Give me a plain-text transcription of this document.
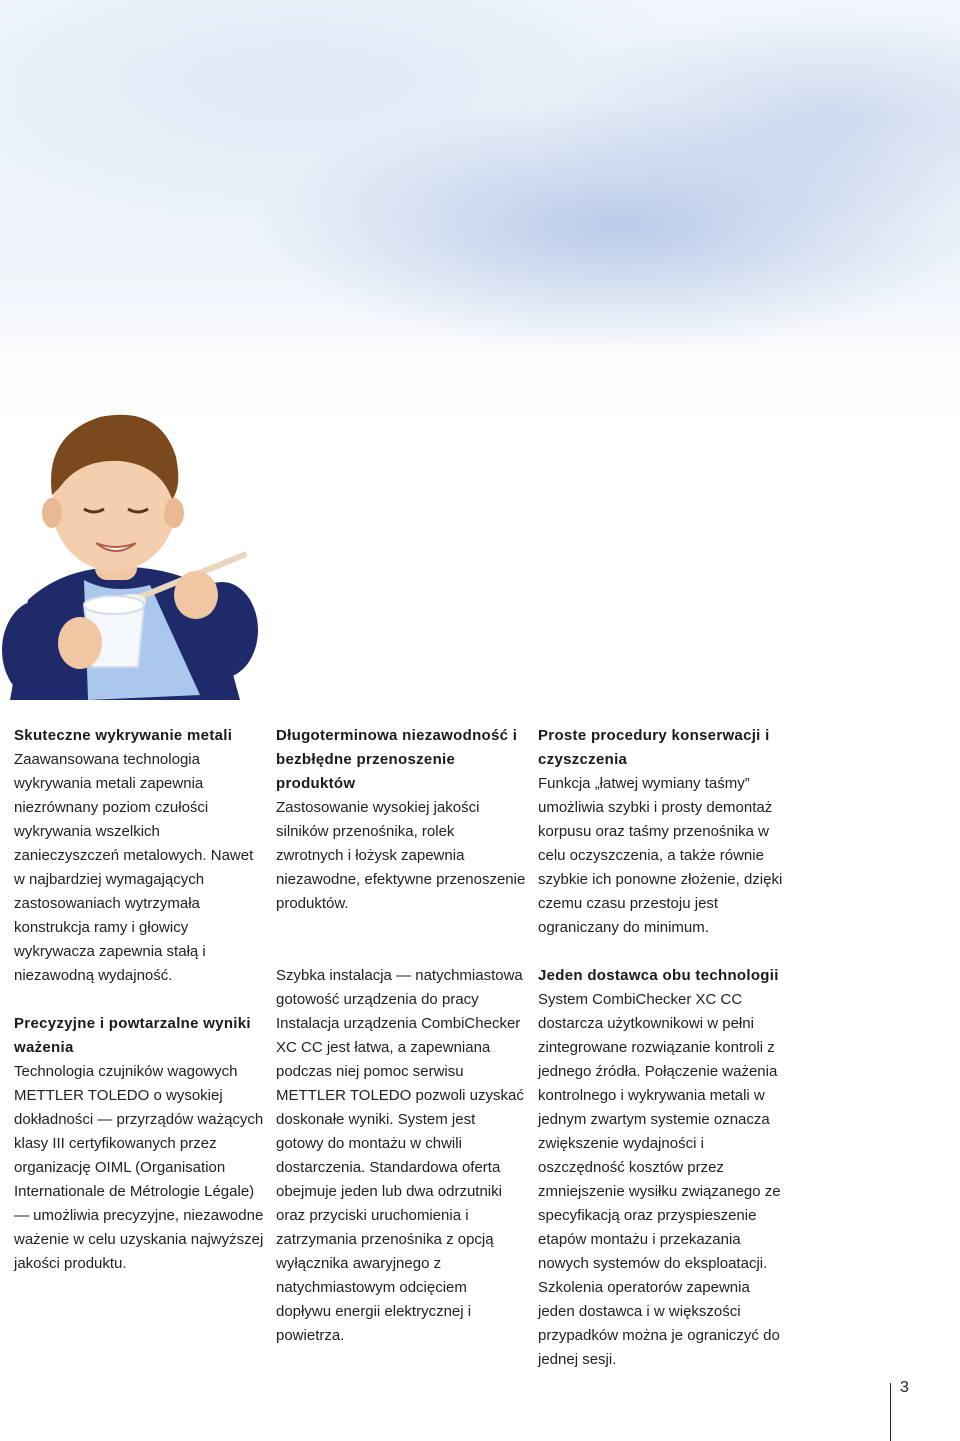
Skuteczne wykrywanie metali

Zaawansowana technologia wykrywania metali zapewnia niezrównany poziom czułości wykrywania wszelkich zanieczyszczeń metalowych. Nawet w najbardziej wymagających zastosowaniach wytrzymała konstrukcja ramy i głowicy wykrywacza zapewnia stałą i niezawodną wydajność.

Precyzyjne i powtarzalne wyniki ważenia

Technologia czujników wagowych METTLER TOLEDO o wysokiej dokładności — przyrządów ważących klasy III certyfikowanych przez organizację OIML (Organisation Internationale de Métrologie Légale) — umożliwia precyzyjne, niezawodne ważenie w celu uzyskania najwyższej jakości produktu.

Długoterminowa niezawodność i bezbłędne przenoszenie produktów

Zastosowanie wysokiej jakości silników przenośnika, rolek zwrotnych i łożysk zapewnia niezawodne, efektywne przenoszenie produktów.

Szybka instalacja — natychmiastowa gotowość urządzenia do pracy

Instalacja urządzenia CombiChecker XC CC jest łatwa, a zapewniana podczas niej pomoc serwisu METTLER TOLEDO pozwoli uzyskać doskonałe wyniki. System jest gotowy do montażu w chwili dostarczenia. Standardowa oferta obejmuje jeden lub dwa odrzutniki oraz przyciski uruchomienia i zatrzymania przenośnika z opcją wyłącznika awaryjnego z natychmiastowym odcięciem dopływu energii elektrycznej i powietrza.

Proste procedury konserwacji i czyszczenia

Funkcja „łatwej wymiany taśmy” umożliwia szybki i prosty demontaż korpusu oraz taśmy przenośnika w celu oczyszczenia, a także równie szybkie ich ponowne złożenie, dzięki czemu czasu przestoju jest ograniczany do minimum.

Jeden dostawca obu technologii

System CombiChecker XC CC dostarcza użytkownikowi w pełni zintegrowane rozwiązanie kontroli z jednego źródła. Połączenie ważenia kontrolnego i wykrywania metali w jednym zwartym systemie oznacza zwiększenie wydajności i oszczędność kosztów przez zmniejszenie wysiłku związanego ze specyfikacją oraz przyspieszenie etapów montażu i przekazania nowych systemów do eksploatacji. Szkolenia operatorów zapewnia jeden dostawca i w większości przypadków można je ograniczyć do jednej sesji.

3
